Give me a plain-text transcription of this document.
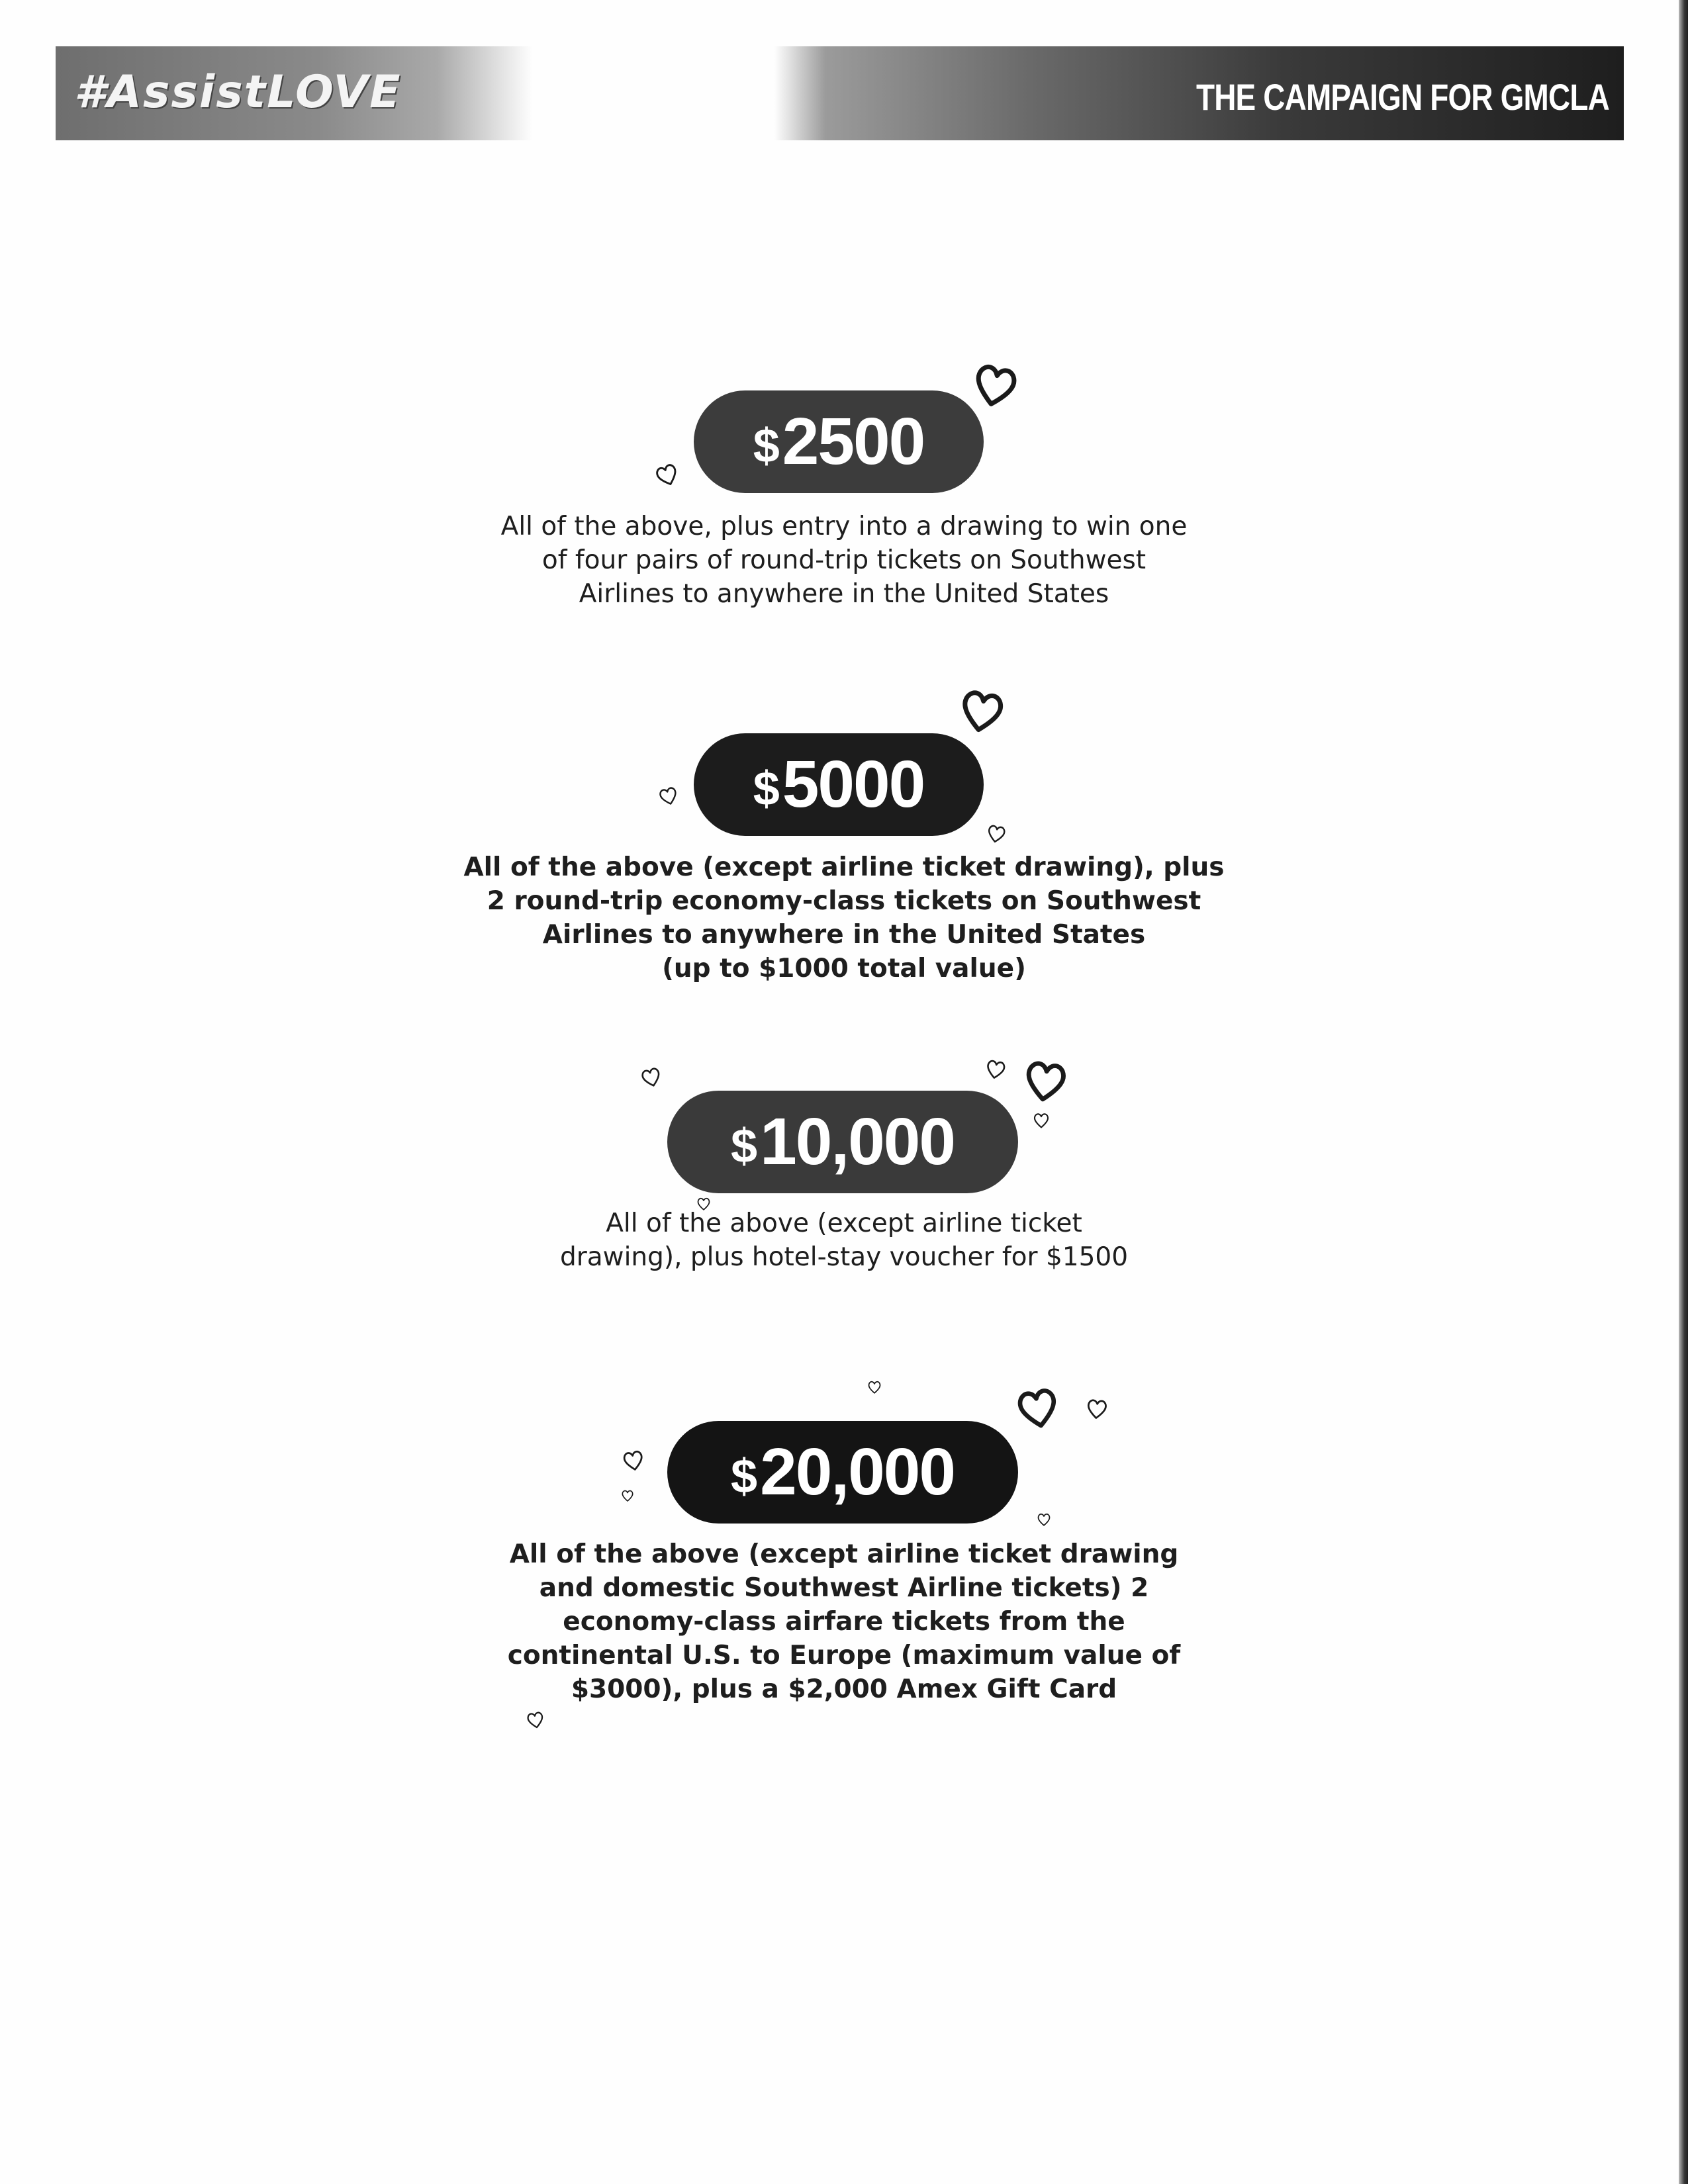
#AssistLOVE	THE CAMPAIGN FOR GMCLA
$ 2500
All of the above, plus entry into a drawing to win one
of four pairs of round-trip tickets on Southwest
Airlines to anywhere in the United States
$ 5000
All of the above (except airline ticket drawing), plus
2 round-trip economy-class tickets on Southwest
Airlines to anywhere in the United States
(up to $1000 total value)
$ 10,000
All of the above (except airline ticket
drawing), plus hotel-stay voucher for $1500
$ 20,000
All of the above (except airline ticket drawing
and domestic Southwest Airline tickets) 2
economy-class airfare tickets from the
continental U.S. to Europe (maximum value of
$3000), plus a $2,000 Amex Gift Card
